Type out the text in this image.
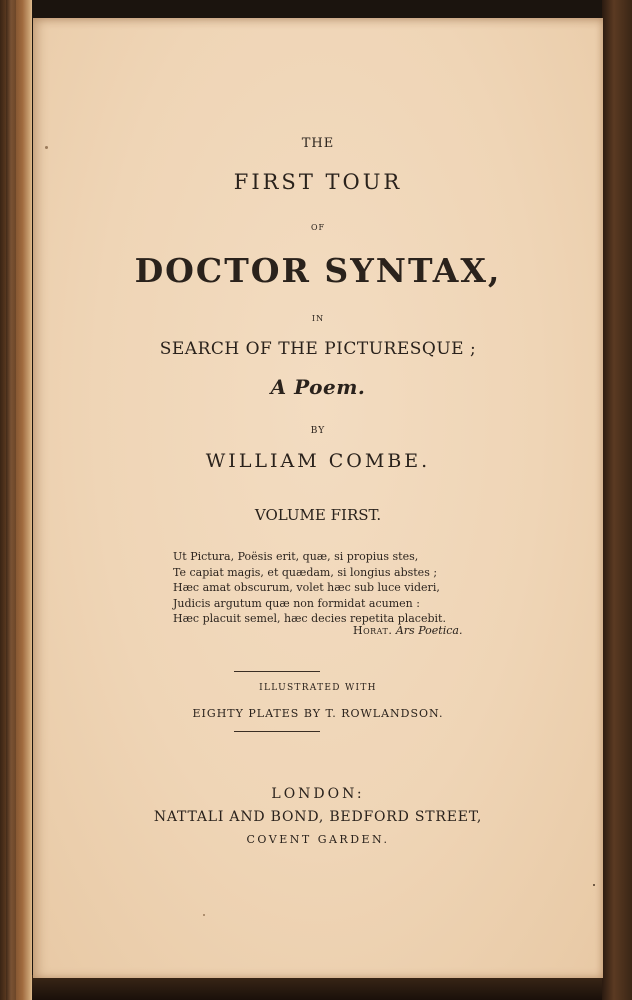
THE
FIRST TOUR
OF
DOCTOR SYNTAX,
IN
SEARCH OF THE PICTURESQUE ;
A Poem.
BY
WILLIAM COMBE.
VOLUME FIRST.
Ut Pictura, Poësis erit, quæ, si propius stes,
Te capiat magis, et quædam, si longius abstes ;
Hæc amat obscurum, volet hæc sub luce videri,
Judicis argutum quæ non formidat acumen :
Hæc placuit semel, hæc decies repetita placebit.
Horat. Ars Poetica.
ILLUSTRATED WITH
EIGHTY PLATES BY T. ROWLANDSON.
LONDON:
NATTALI AND BOND, BEDFORD STREET,
COVENT GARDEN.
